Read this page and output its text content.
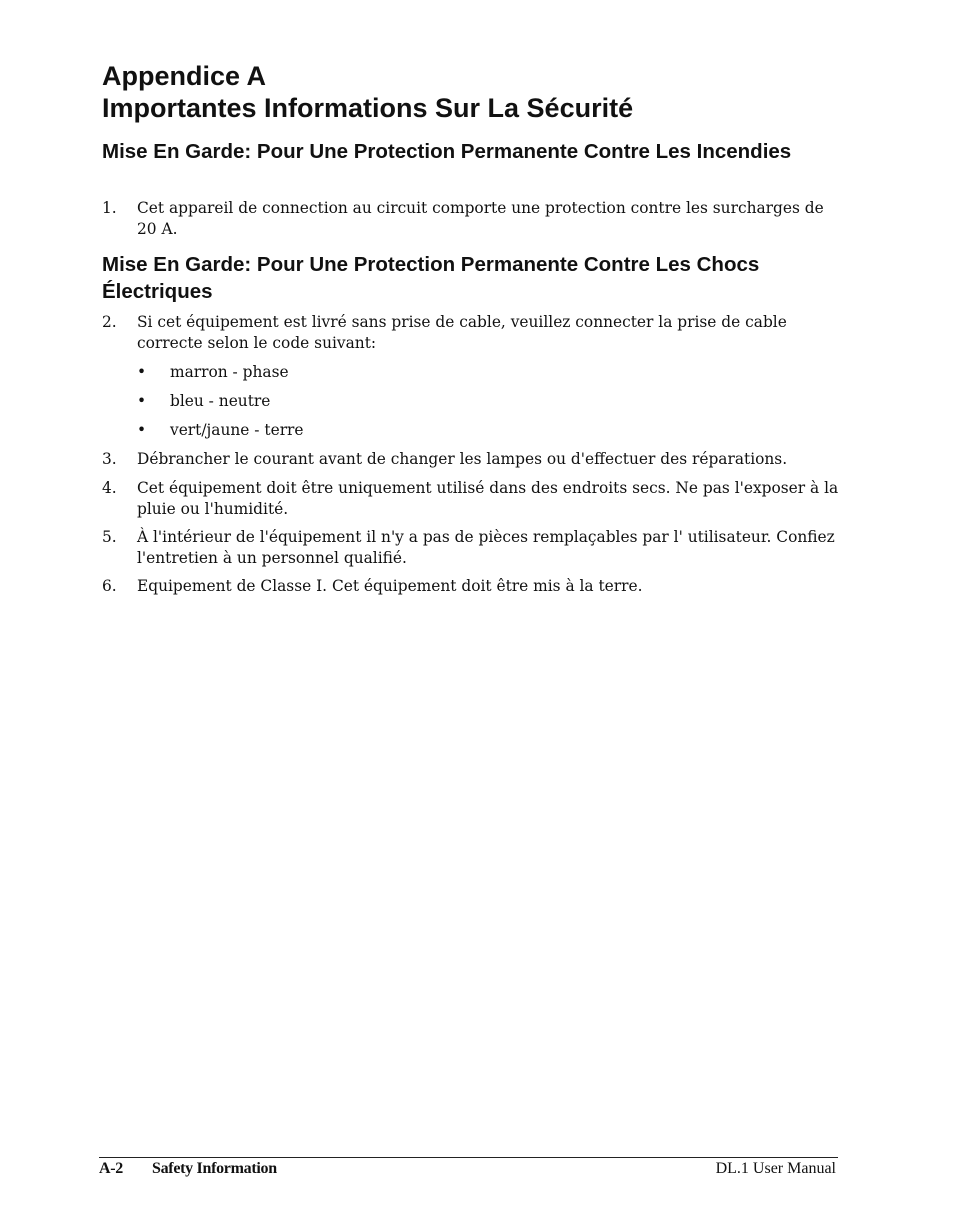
Appendice A
Importantes Informations Sur La Sécurité
Mise En Garde: Pour Une Protection Permanente Contre Les Incendies
1. Cet appareil de connection au circuit comporte une protection contre les surcharges de 20 A.
Mise En Garde: Pour Une Protection Permanente Contre Les Chocs Électriques
2. Si cet équipement est livré sans prise de cable, veuillez connecter la prise de cable correcte selon le code suivant:
• marron - phase
• bleu - neutre
• vert/jaune - terre
3. Débrancher le courant avant de changer les lampes ou d'effectuer des réparations.
4. Cet équipement doit être uniquement utilisé dans des endroits secs. Ne pas l'exposer à la pluie ou l'humidité.
5. À l'intérieur de l'équipement il n'y a pas de pièces remplaçables par l' utilisateur. Confiez l'entretien à un personnel qualifié.
6. Equipement de Classe I. Cet équipement doit être mis à la terre.
A-2 Safety Information	DL.1 User Manual
